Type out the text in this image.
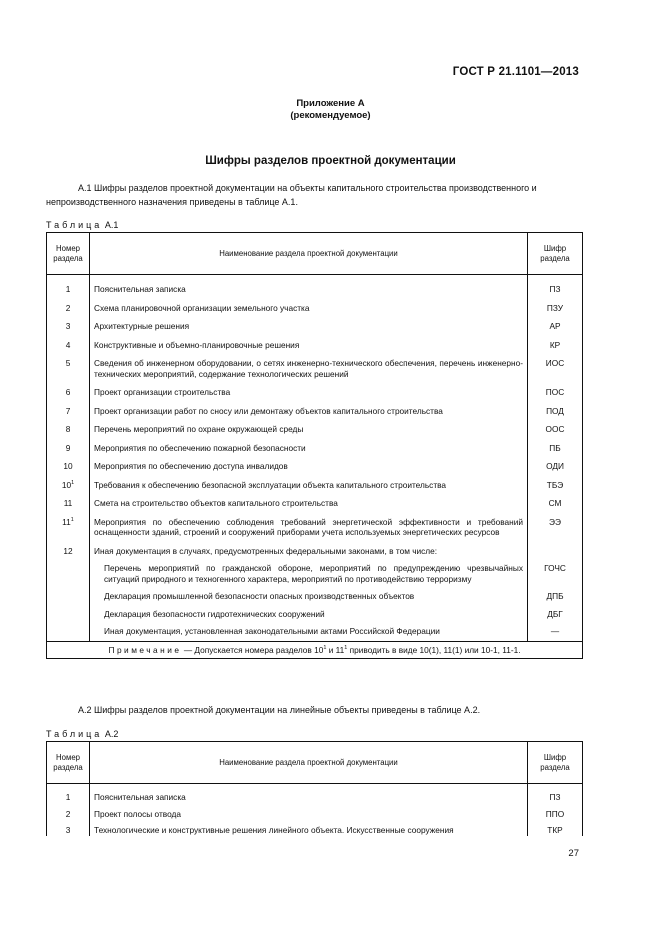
ГОСТ Р 21.1101—2013
Приложение А
(рекомендуемое)
Шифры разделов проектной документации
А.1 Шифры разделов проектной документации на объекты капитального строительства производственного и непроизводственного назначения приведены в таблице А.1.
Таблица А.1
Номер раздела	Наименование раздела проектной документации	Шифр раздела
1	Пояснительная записка	ПЗ
2	Схема планировочной организации земельного участка	ПЗУ
3	Архитектурные решения	АР
4	Конструктивные и объемно-планировочные решения	КР
5	Сведения об инженерном оборудовании, о сетях инженерно-технического обеспечения, перечень инженерно-технических мероприятий, содержание технологических решений	ИОС
6	Проект организации строительства	ПОС
7	Проект организации работ по сносу или демонтажу объектов капитального строительства	ПОД
8	Перечень мероприятий по охране окружающей среды	ООС
9	Мероприятия по обеспечению пожарной безопасности	ПБ
10	Мероприятия по обеспечению доступа инвалидов	ОДИ
$10^1$	Требования к обеспечению безопасной эксплуатации объекта капитального строительства	ТБЭ
11	Смета на строительство объектов капитального строительства	СМ
$11^1$	Мероприятия по обеспечению соблюдения требований энергетической эффективности и требований оснащенности зданий, строений и сооружений приборами учета используемых энергетических ресурсов	ЭЭ
12	Иная документация в случаях, предусмотренных федеральными законами, в том числе:	

	Перечень мероприятий по гражданской обороне, мероприятий по предупреждению чрезвычайных ситуаций природного и техногенного характера, мероприятий по противодействию терроризму	ГОЧС

	Декларация промышленной безопасности опасных производственных объектов	ДПБ

	Декларация безопасности гидротехнических сооружений	ДБГ

	Иная документация, установленная законодательными актами Российской Федерации	—
Примечание — Допускается номера разделов $10^1$ и $11^1$ приводить в виде 10(1), 11(1) или 10-1, 11-1.		
А.2 Шифры разделов проектной документации на линейные объекты приведены в таблице А.2.
Таблица А.2
Номер раздела	Наименование раздела проектной документации	Шифр раздела
1	Пояснительная записка	ПЗ
2	Проект полосы отвода	ППО
3	Технологические и конструктивные решения линейного объекта. Искусственные сооружения	ТКР
27
